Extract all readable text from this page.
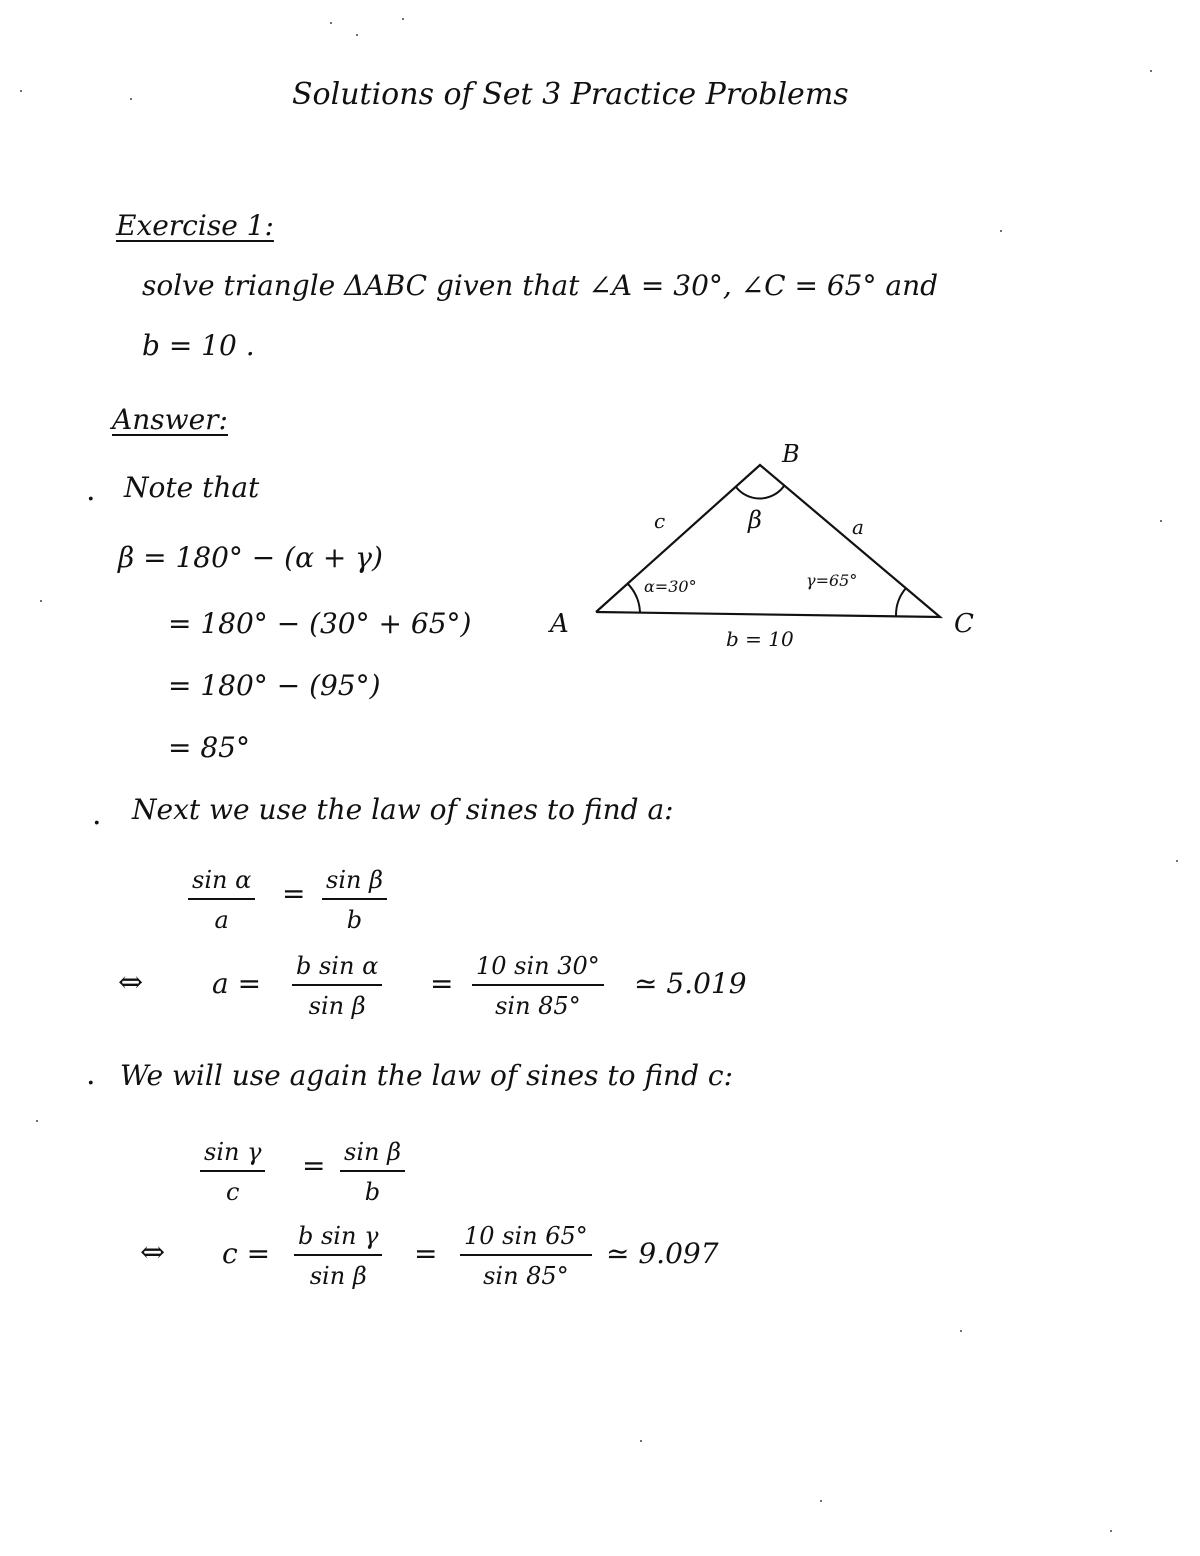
Solutions of Set 3 Practice Problems
Exercise 1:
solve triangle ΔABC given that ∠A = 30°, ∠C = 65° and
b = 10 .
Answer:
. Note that
β = 180° − (α + γ)
= 180° − (30° + 65°)
= 180° − (95°)
= 85°
A
B
C
c	a
b = 10
β
α=30°	γ=65°
. Next we use the law of sines to find a:
$\frac{\text{sin α}}{a} = \frac{\text{sin β}}{b}$
⇔ $a = \frac{\text{b sin α}}{\text{sin β}} = \frac{10 \sin 30^\circ}{\sin 85^\circ}$ ≃ 5.019
. We will use again the law of sines to find c:
$\frac{\text{sin γ}}{c} = \frac{\text{sin β}}{b}$
⇔ $c = \frac{\text{b sin γ}}{\text{sin β}} = \frac{10 \sin 65^\circ}{\sin 85^\circ}$ ≃ 9.097
